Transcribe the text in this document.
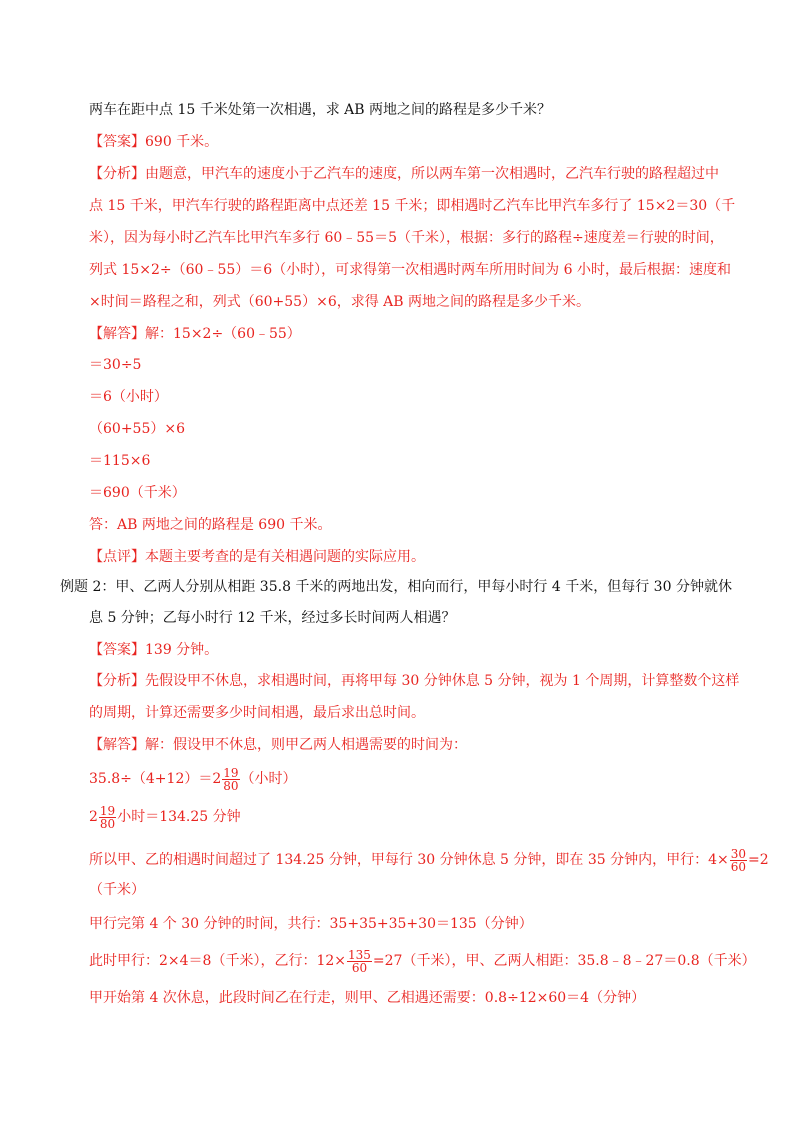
两车在距中点 15 千米处第一次相遇，求 AB 两地之间的路程是多少千米？
【答案】690 千米。
【分析】由题意，甲汽车的速度小于乙汽车的速度，所以两车第一次相遇时，乙汽车行驶的路程超过中
点 15 千米，甲汽车行驶的路程距离中点还差 15 千米；即相遇时乙汽车比甲汽车多行了 15×2＝30（千
米），因为每小时乙汽车比甲汽车多行 60﹣55＝5（千米），根据：多行的路程÷速度差＝行驶的时间，
列式 15×2÷（60﹣55）＝6（小时），可求得第一次相遇时两车所用时间为 6 小时，最后根据：速度和
×时间＝路程之和，列式（60+55）×6，求得 AB 两地之间的路程是多少千米。
【解答】解：15×2÷（60﹣55）
＝30÷5
＝6（小时）
（60+55）×6
＝115×6
＝690（千米）
答：AB 两地之间的路程是 690 千米。
【点评】本题主要考查的是有关相遇问题的实际应用。
例题 2：甲、乙两人分别从相距 35.8 千米的两地出发，相向而行，甲每小时行 4 千米，但每行 30 分钟就休
息 5 分钟；乙每小时行 12 千米，经过多长时间两人相遇？
【答案】139 分钟。
【分析】先假设甲不休息，求相遇时间，再将甲每 30 分钟休息 5 分钟，视为 1 个周期，计算整数个这样
的周期，计算还需要多少时间相遇，最后求出总时间。
【解答】解：假设甲不休息，则甲乙两人相遇需要的时间为：
$35.8\div(4+12)=2 \frac{19}{80}$ （小时）
$2 \frac{19}{80}$ 小时＝134.25 分钟
所以甲、乙的相遇时间超过了 134.25 分钟，甲每行 30 分钟休息 5 分钟，即在 35 分钟内，甲行：$4\times \frac{30}{60} =2$
（千米）
甲行完第 4 个 30 分钟的时间，共行：35+35+35+30＝135（分钟）
此时甲行：2×4＝8（千米），乙行：$12\times \frac{135}{60} =27$（千米），甲、乙两人相距：35.8﹣8﹣27＝0.8（千米）
甲开始第 4 次休息，此段时间乙在行走，则甲、乙相遇还需要：0.8÷12×60＝4（分钟）
